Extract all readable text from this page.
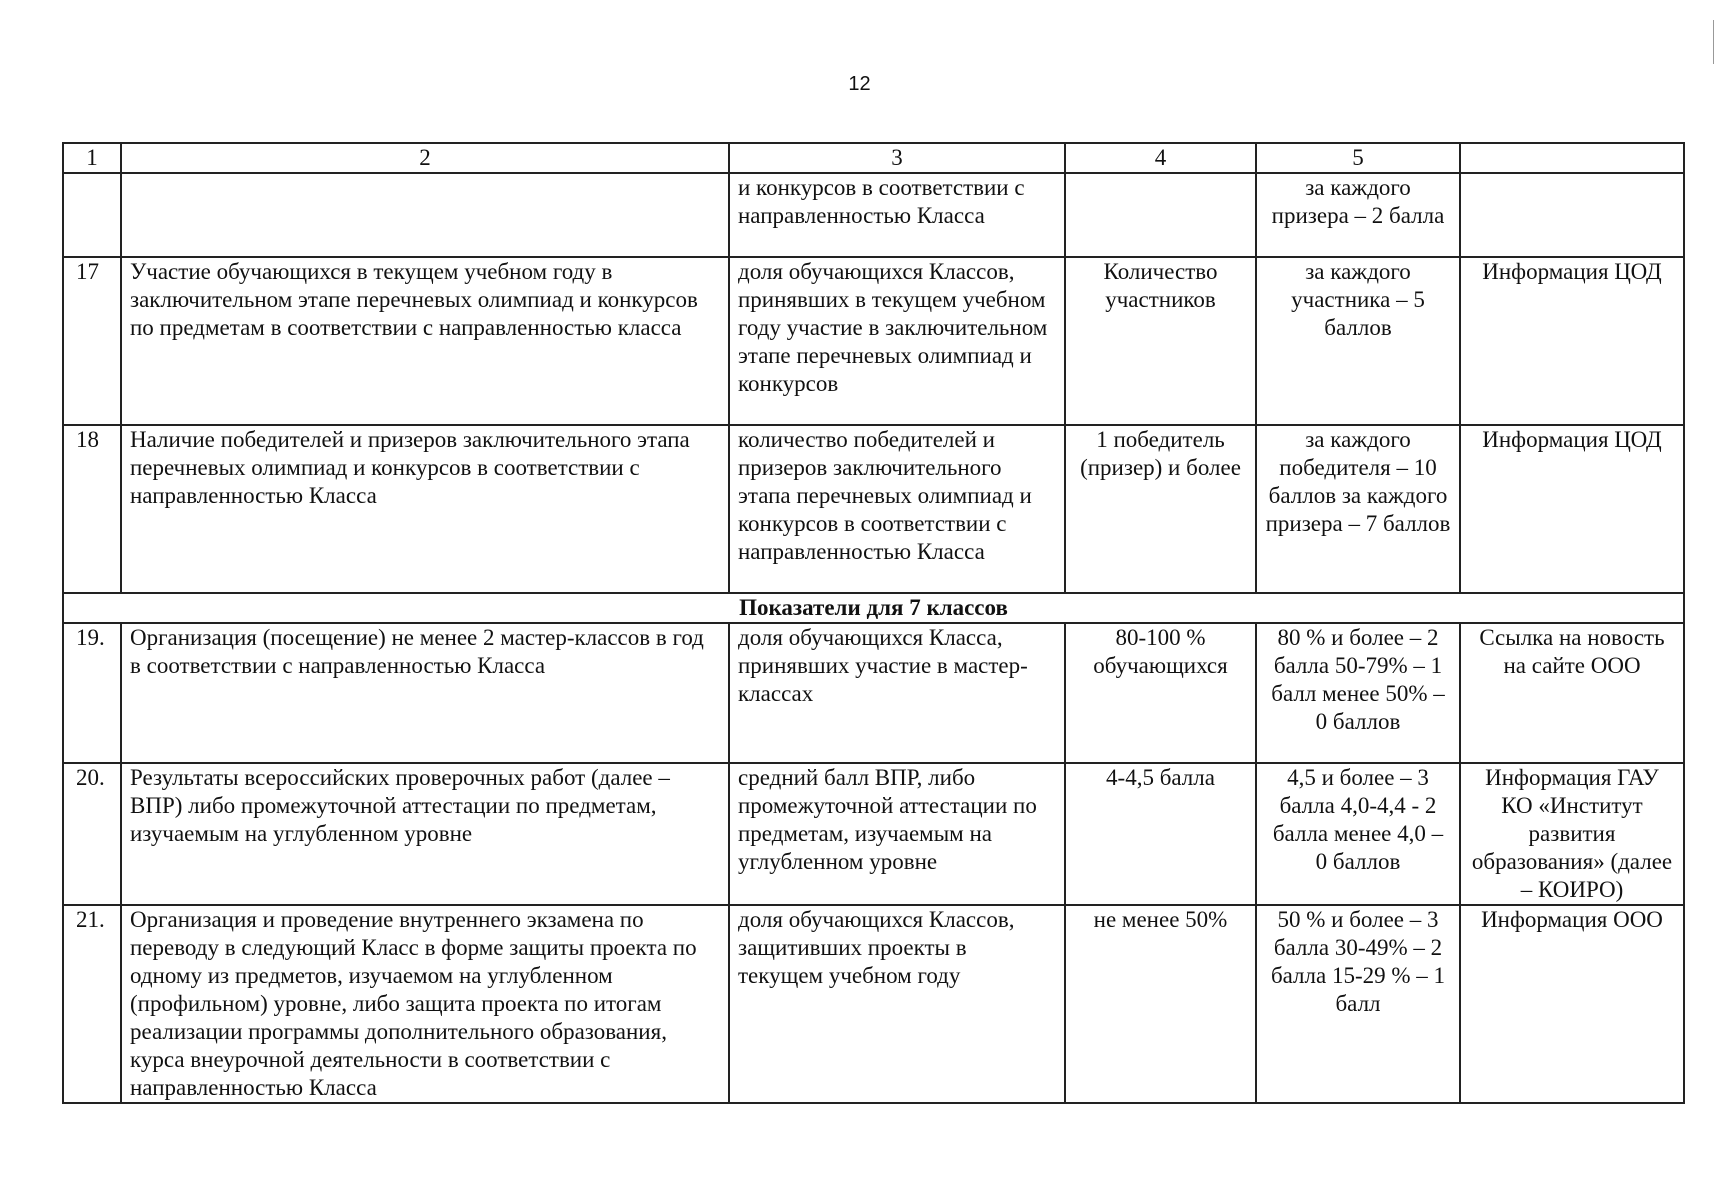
12
1	2	3	4	5	
		и конкурсов в соответствии с направленностью Класса		за каждого призера – 2 балла	
17	Участие обучающихся в текущем учебном году в заключительном этапе перечневых олимпиад и конкурсов по предметам в соответствии с направленностью класса	доля обучающихся Классов, принявших в текущем учебном году участие в заключительном этапе перечневых олимпиад и конкурсов	Количество участников	за каждого участника – 5 баллов	Информация ЦОД
18	Наличие победителей и призеров заключительного этапа перечневых олимпиад и конкурсов в соответствии с направленностью Класса	количество победителей и призеров заключительного этапа перечневых олимпиад и конкурсов в соответствии с направленностью Класса	1 победитель (призер) и более	за каждого победителя – 10 баллов за каждого призера – 7 баллов	Информация ЦОД
Показатели для 7 классов					
19.	Организация (посещение) не менее 2 мастер-классов в год в соответствии с направленностью Класса	доля обучающихся Класса, принявших участие в мастер-классах	80-100 % обучающихся	80 % и более – 2 балла 50-79% – 1 балл менее 50% – 0 баллов	Ссылка на новость на сайте ООО
20.	Результаты всероссийских проверочных работ (далее – ВПР) либо промежуточной аттестации по предметам, изучаемым на углубленном уровне	средний балл ВПР, либо промежуточной аттестации по предметам, изучаемым на углубленном уровне	4-4,5 балла	4,5 и более – 3 балла 4,0-4,4 - 2 балла менее 4,0 – 0 баллов	Информация ГАУ КО «Институт развития образования» (далее – КОИРО)
21.	Организация и проведение внутреннего экзамена по переводу в следующий Класс в форме защиты проекта по одному из предметов, изучаемом на углубленном (профильном) уровне, либо защита проекта по итогам реализации программы дополнительного образования, курса внеурочной деятельности в соответствии с направленностью Класса	доля обучающихся Классов, защитивших проекты в текущем учебном году	не менее 50%	50 % и более – 3 балла 30-49% – 2 балла 15-29 % – 1 балл	Информация ООО
